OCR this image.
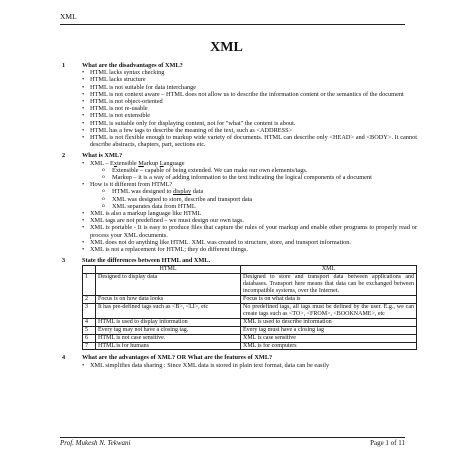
XML
XML
1	What are the disadvantages of XML?
• HTML lacks syntax checking
• HTML lacks structure
• HTML is not suitable for data interchange
• HTML is not context aware – HTML does not allow us to describe the information content or the semantics of the document
• HTML is not object-oriented
• HTML is not re-usable
• HTML is not extensible
• HTML is suitable only for displaying content, not for "what" the content is about.
• HTML has a few tags to describe the meaning of the text, such as <ADDRESS>
• HTML is not flexible enough to markup wide variety of documents. HTML can describe only <HEAD> and <BODY>. It cannot describe abstracts, chapters, part, sections etc.
2	What is XML?
• XML – Extensible Markup Language
o Extensible – capable of being extended. We can make our own elements/tags.
o Markup – it is a way of adding information to the text indicating the logical components of a document
• How is it different from HTML?
o HTML was designed to display data
o XML was designed to store, describe and transport data
o XML separates data from HTML
• XML is also a markup language like HTML
• XML tags are not predefined – we must design our own tags.
• XML is portable - It is easy to produce files that capture the rules of your markup and enable other programs to properly read or process your XML documents.
• XML does not do anything like HTML. XML was created to structure, store, and transport information.
• XML is not a replacement for HTML; they do different things.
3	State the differences between HTML and XML.
	HTML	XML
1	Designed to display data	Designed to store and transport data between applications and databases. Transport here means that data can be exchanged between incompatible systems, over the Internet.
2	Focus is on how data looks	Focus is on what data is
3	It has pre-defined tags such as <B>, <LI>, etc	No predefined tags, all tags must be defined by the user. E.g., we can create tags such as <TO>, <FROM>, <BOOKNAME>, etc
4	HTML is used to display information	XML is used to describe information
5	Every tag may not have a closing tag.	Every tag must have a closing tag
6	HTML is not case sensitive.	XML is case sensitive
7	HTML is for humans	XML is for computers
4	What are the advantages of XML? OR What are the features of XML?
• XML simplifies data sharing : Since XML data is stored in plain text format, data can be easily
Prof. Mukesh N. Tekwani	Page 1 of 11
